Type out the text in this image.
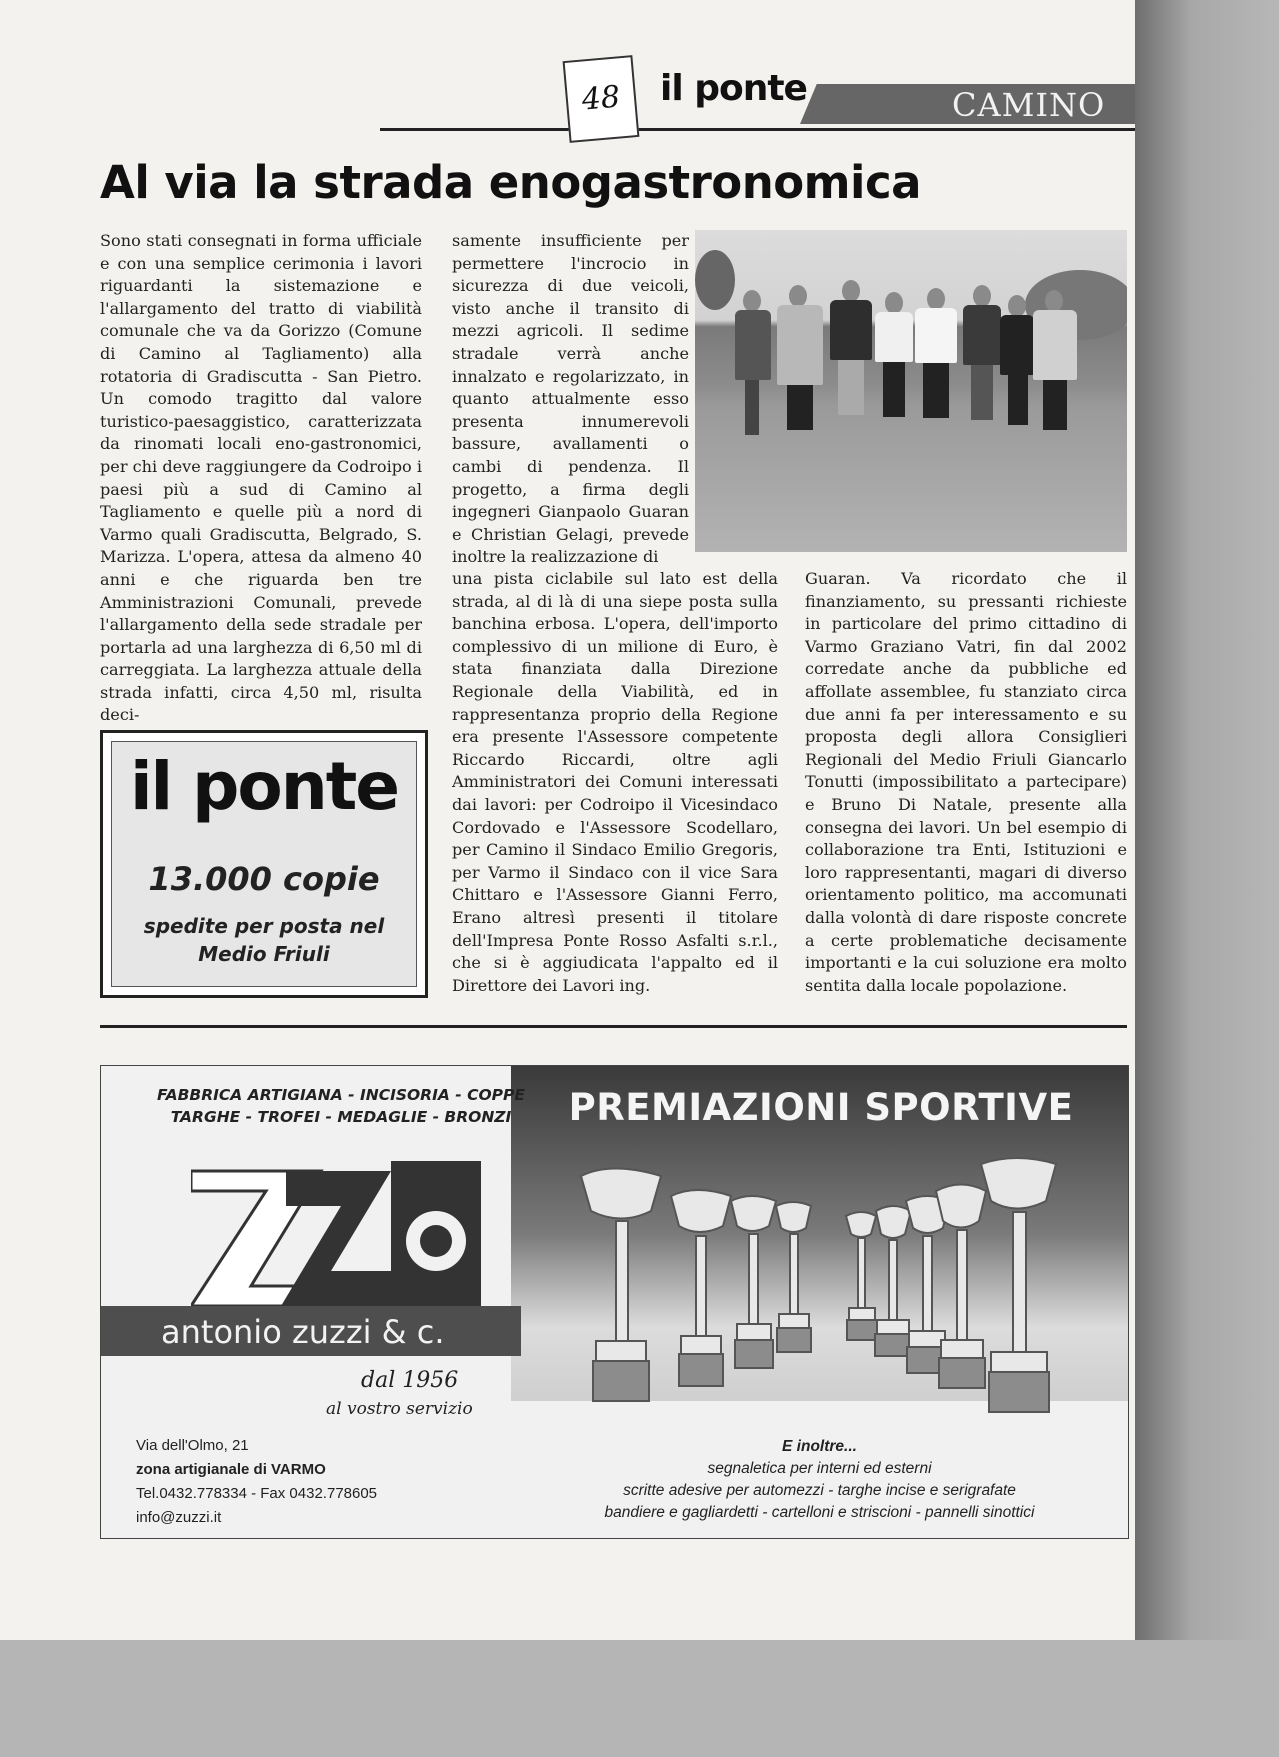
CAMINO
48	il ponte
Al via la strada enogastronomica
Sono stati consegnati in forma ufficiale e con una semplice cerimonia i lavori riguardanti la sistemazione e l'allargamento del tratto di viabilità comunale che va da Gorizzo (Comune di Camino al Tagliamento) alla rotatoria di Gradiscutta - San Pietro. Un comodo tragitto dal valore turistico-paesaggistico, caratterizzata da rinomati locali eno-gastronomici, per chi deve raggiungere da Codroipo i paesi più a sud di Camino al Tagliamento e quelle più a nord di Varmo quali Gradiscutta, Belgrado, S. Marizza. L'opera, attesa da almeno 40 anni e che riguarda ben tre Amministrazioni Comunali, prevede l'allargamento della sede stradale per portarla ad una larghezza di 6,50 ml di carreggiata. La larghezza attuale della strada infatti, circa 4,50 ml, risulta deci-
samente insufficiente per permettere l'incrocio in sicurezza di due veicoli, visto anche il transito di mezzi agricoli. Il sedime stradale verrà anche innalzato e regolarizzato, in quanto attualmente esso presenta innumerevoli bassure, avallamenti o cambi di pendenza. Il progetto, a firma degli ingegneri Gianpaolo Guaran e Christian Gelagi, prevede inoltre la realizzazione di
una pista ciclabile sul lato est della strada, al di là di una siepe posta sulla banchina erbosa. L'opera, dell'importo complessivo di un milione di Euro, è stata finanziata dalla Direzione Regionale della Viabilità, ed in rappresentanza proprio della Regione era presente l'Assessore competente Riccardo Riccardi, oltre agli Amministratori dei Comuni interessati dai lavori: per Codroipo il Vicesindaco Cordovado e l'Assessore Scodellaro, per Camino il Sindaco Emilio Gregoris, per Varmo il Sindaco con il vice Sara Chittaro e l'Assessore Gianni Ferro, Erano altresì presenti il titolare dell'Impresa Ponte Rosso Asfalti s.r.l., che si è aggiudicata l'appalto ed il Direttore dei Lavori ing.
Guaran. Va ricordato che il finanziamento, su pressanti richieste in particolare del primo cittadino di Varmo Graziano Vatri, fin dal 2002 corredate anche da pubbliche ed affollate assemblee, fu stanziato circa due anni fa per interessamento e su proposta degli allora Consiglieri Regionali del Medio Friuli Giancarlo Tonutti (impossibilitato a partecipare) e Bruno Di Natale, presente alla consegna dei lavori. Un bel esempio di collaborazione tra Enti, Istituzioni e loro rappresentanti, magari di diverso orientamento politico, ma accomunati dalla volontà di dare risposte concrete a certe problematiche decisamente importanti e la cui soluzione era molto sentita dalla locale popolazione.
il ponte
13.000 copie
spedite per posta nel
Medio Friuli
FABBRICA ARTIGIANA - INCISORIA - COPPE
TARGHE - TROFEI - MEDAGLIE - BRONZI
antonio zuzzi & c.
dal 1956
al vostro servizio
Via dell'Olmo, 21
zona artigianale di VARMO
Tel.0432.778334 - Fax 0432.778605
info@zuzzi.it
PREMIAZIONI SPORTIVE
E inoltre...
segnaletica per interni ed esterni
scritte adesive per automezzi - targhe incise e serigrafate
bandiere e gagliardetti - cartelloni e striscioni - pannelli sinottici
